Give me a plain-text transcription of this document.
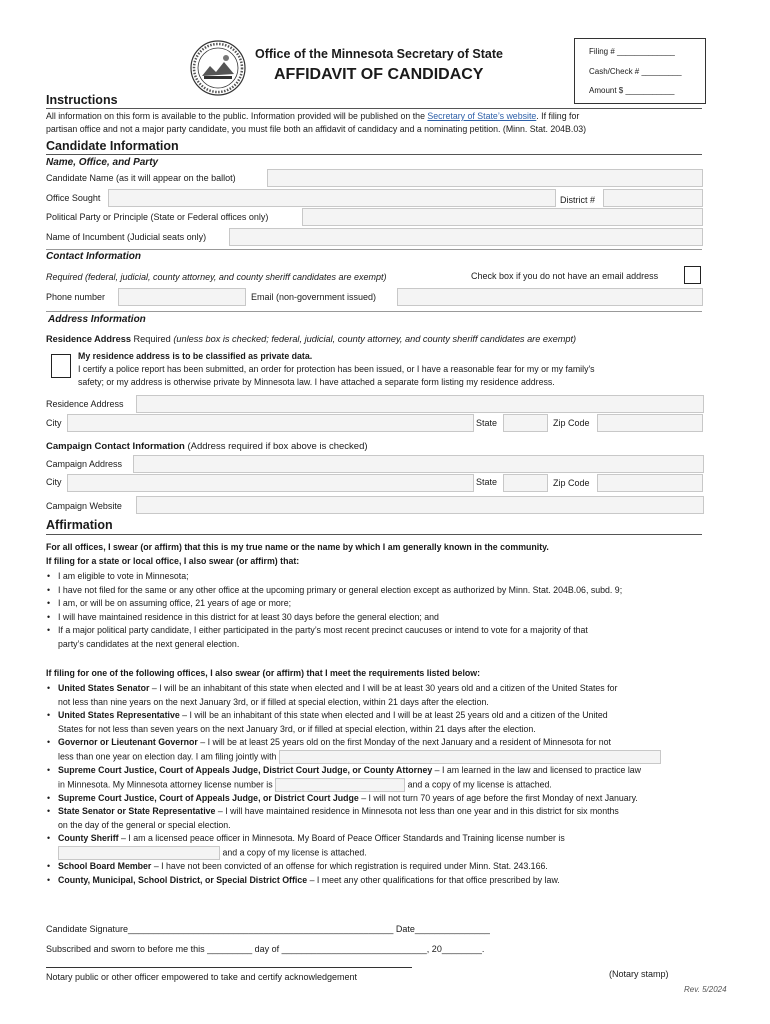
Office of the Minnesota Secretary of State
AFFIDAVIT OF CANDIDACY
Filing # _____________
Cash/Check # _________
Amount $ ___________
Instructions
All information on this form is available to the public. Information provided will be published on the Secretary of State’s website. If filing for
partisan office and not a major party candidate, you must file both an affidavit of candidacy and a nominating petition. (Minn. Stat. 204B.03)
Candidate Information
Name, Office, and Party
Candidate Name (as it will appear on the ballot)
Office Sought	District #
Political Party or Principle (State or Federal offices only)
Name of Incumbent (Judicial seats only)
Contact Information
Required (federal, judicial, county attorney, and county sheriff candidates are exempt)	Check box if you do not have an email address
Phone number	Email (non-government issued)
Address Information
Residence Address Required (unless box is checked; federal, judicial, county attorney, and county sheriff candidates are exempt)
My residence address is to be classified as private data.
I certify a police report has been submitted, an order for protection has been issued, or I have a reasonable fear for my or my family's
safety; or my address is otherwise private by Minnesota law. I have attached a separate form listing my residence address.
Residence Address
City	State	Zip Code
Campaign Contact Information (Address required if box above is checked)
Campaign Address
City	State	Zip Code
Campaign Website
Affirmation
For all offices, I swear (or affirm) that this is my true name or the name by which I am generally known in the community.
If filing for a state or local office, I also swear (or affirm) that:
• I am eligible to vote in Minnesota;
• I have not filed for the same or any other office at the upcoming primary or general election except as authorized by Minn. Stat. 204B.06, subd. 9;
• I am, or will be on assuming office, 21 years of age or more;
• I will have maintained residence in this district for at least 30 days before the general election; and
• If a major political party candidate, I either participated in the party’s most recent precinct caucuses or intend to vote for a majority of that
party’s candidates at the next general election.
If filing for one of the following offices, I also swear (or affirm) that I meet the requirements listed below:
• United States Senator – I will be an inhabitant of this state when elected and I will be at least 30 years old and a citizen of the United States for
not less than nine years on the next January 3rd, or if filled at special election, within 21 days after the election.
• United States Representative – I will be an inhabitant of this state when elected and I will be at least 25 years old and a citizen of the United
States for not less than seven years on the next January 3rd, or if filled at special election, within 21 days after the election.
• Governor or Lieutenant Governor – I will be at least 25 years old on the first Monday of the next January and a resident of Minnesota for not
less than one year on election day. I am filing jointly with
• Supreme Court Justice, Court of Appeals Judge, District Court Judge, or County Attorney – I am learned in the law and licensed to practice law
in Minnesota. My Minnesota attorney license number is	and a copy of my license is attached.
• Supreme Court Justice, Court of Appeals Judge, or District Court Judge – I will not turn 70 years of age before the first Monday of next January.
• State Senator or State Representative – I will have maintained residence in Minnesota not less than one year and in this district for six months
on the day of the general or special election.
• County Sheriff – I am a licensed peace officer in Minnesota. My Board of Peace Officer Standards and Training license number is
and a copy of my license is attached.
• School Board Member – I have not been convicted of an offense for which registration is required under Minn. Stat. 243.166.
• County, Municipal, School District, or Special District Office – I meet any other qualifications for that office prescribed by law.
Candidate Signature_____________________________________________________ Date_______________
Subscribed and sworn to before me this _________ day of _____________________________, 20________.
Notary public or other officer empowered to take and certify acknowledgement	(Notary stamp)
Rev. 5/2024
